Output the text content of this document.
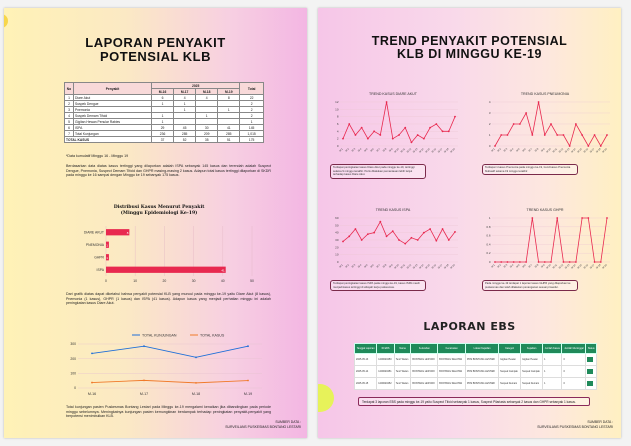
LAPORAN PENYAKIT
POTENSIAL KLB
No	Penyakit	2025				Total
		M-16	M-17	M-18	M-19	
1	Diare Akut	6	4	4	8	22
2	Suspek Dengue	1	1			2
3	Pnemonia		1		1	2
4	Suspek Demam Tifoid	1		1		2
5	Gigitan Hewan Penular Rabies	1				1
6	ISPA	29	45	30	41	145
7	Total Kunjungan	236	285	209	285	1,015
TOTAL KASUS		37	52	35	51	175
*Data kumulatif Minggu 16 - Minggu 19
Berdasarkan data diatas kasus tertinggi yang dilaporkan adalah ISPA sebanyak 145 kasus dan terendah adalah Suspect Dengue, Pnemonia, Suspect Demam Tifoid dan GHPR masing-masing 2 kasus. Adapun total kasus tertinggi dilaporkan di SKDR pada minggu ke 16 sampai dengan Minggu ke 19 sebanyak 175 kasus.
Distribusi Kasus Menurut Penyakit
(Minggu Epidemiologi Ke-19)
0	10	20	30	40	50
DIARE AKUT	8
PNEMONIA 1
GHPR 1
ISPA	41
Dari grafik diatas dapat diketahui bahwa penyakit potensial KLB yang muncul pada minggu ke-19 yaitu Diare Akut (8 kasus), Pnemonia (1 kasus), GHPR (1 kasus) dan ISPA (41 kasus). Adapun kasus yang menjadi perhatian minggu ini adalah peningkatan kasus Diare Akut.
TOTAL KUNJUNGAN	TOTAL KASUS
0
100
200
300
M-16	M-17	M-18	M-19
Total kunjungan pasien Puskesmas Bontang Lestari pada Minggu ke-19 mengalami kenaikan jika dibandingkan pada periode minggu sebelumnya. Meningkatnya kunjungan pasien kemungkinan berdampak terhadap peningkatan penyakit-penyakit yang berpotensi menimbulkan KLB.
SUMBER DATA :
SURVEILANS PUSKESMAS BONTANG LESTARI
TREND PENYAKIT POTENSIAL
KLB DI MINGGU KE-19
TREND KASUS DIARE AKUT
0
2
4
6
8
10
12
M-1 M-2 M-3 M-4 M-5 M-6 M-7 M-8 M-9 M-10 M-11 M-12 M-13 M-14 M-15 M-16 M-17 M-18 M-19
Terdapat peningkatan kasus Diare Akut pada minggu ke-19, tertinggi selama 9 minggu terakhir. Perlu dilakukan pemantauan lebih lanjut terhadap kasus Diare Akut.
TREND KASUS PNEUMONIA
0
1
2
3
4
M-1 M-2 M-3 M-4 M-5 M-6 M-7 M-8 M-9 M-10 M-11 M-12 M-13 M-14 M-15 M-16 M-17 M-18 M-19
Terdapat 1 kasus Pnemonia pada minggu ke-19, trend kasus Pnemonia fluktuatif selama 19 minggu terakhir.
TREND KASUS ISPA
0
10
20
30
40
50
60
M-1 M-2 M-3 M-4 M-5 M-6 M-7 M-8 M-9 M-10 M-11 M-12 M-13 M-14 M-15 M-16 M-17 M-18 M-19
Terdapat peningkatan kasus ISPA pada minggu ke-19, kasus ISPA masih menjadi kasus tertinggi di wilayah kerja puskesmas.
TREND KASUS GHPR
0
0.2
0.4
0.6
0.8
1
M-1 M-2 M-3 M-4 M-5 M-6 M-7 M-8 M-9 M-10 M-11 M-12 M-13 M-14 M-15 M-16 M-17 M-18 M-19
Pada minggu ke-19 terdapat 1 laporan kasus GHPR yang dilaporkan ke puskesmas dan telah dilakukan penanganan sesuai prosedur.
LAPORAN EBS
Tanggal Laporan	ID EBS	Nama	Kelurahan	Kecamatan	Lokasi Kejadian	Kategori	Kejadian	Jumlah Kasus	Jumlah Meninggal	Status
2025-05-13	1200020250	Tenri Wulan	BONTANG LESTARI	BONTANG SELATAN	PKM BONTANG LESTARI	Gigitan Hewan	Gigitan Hewan	1	0	
2025-05-14	1200020251	Tenri Wulan	BONTANG LESTARI	BONTANG SELATAN	PKM BONTANG LESTARI	Suspek Campak	Suspek Campak	1	0	
2025-05-15	1200020252	Tenri Wulan	BONTANG LESTARI	BONTANG SELATAN	PKM BONTANG LESTARI	Suspek Demam	Suspek Demam	1	0	
Terdapat 3 laporan EBS pada minggu ke-19 yaitu Suspect Tifoid sebanyak 1 kasus, Suspect Pilariasis sebanyak 2 kasus dan GHPR sebanyak 1 kasus.
SUMBER DATA :
SURVEILANS PUSKESMAS BONTANG LESTARI
